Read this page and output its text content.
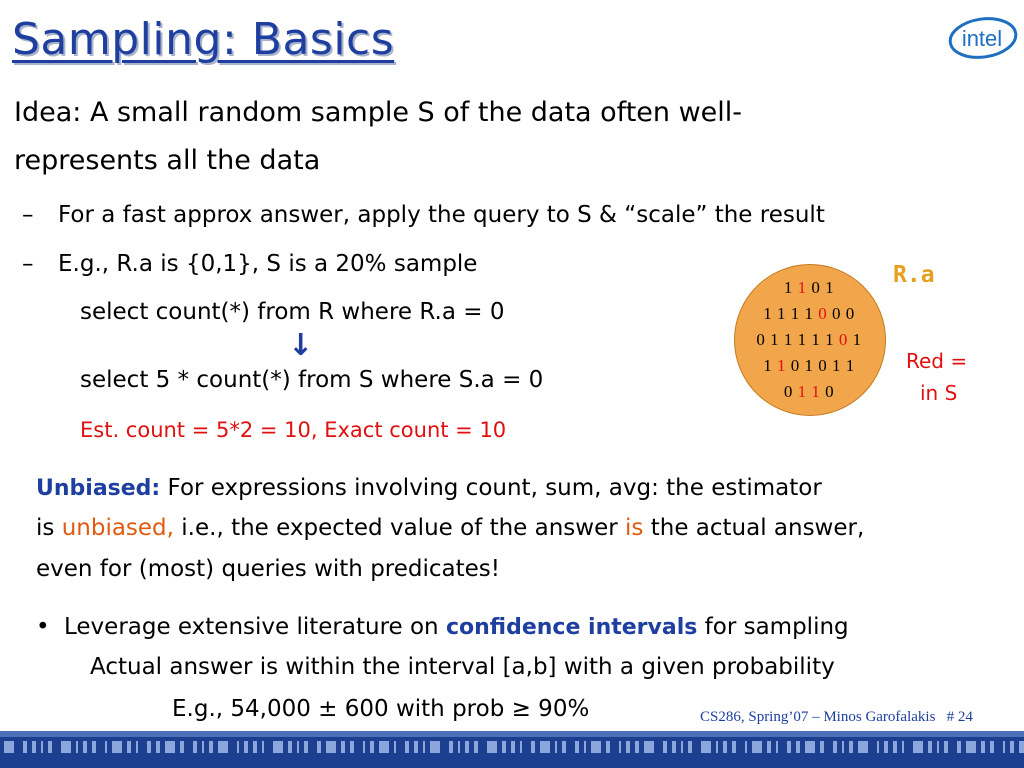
Sampling: Basics	intel
Idea: A small random sample S of the data often well-
represents all the data
– For a fast approx answer, apply the query to S & “scale” the result
– E.g., R.a is {0,1}, S is a 20% sample
select count(*) from R where R.a = 0
↓
select 5 * count(*) from S where S.a = 0
Est. count = 5*2 = 10, Exact count = 10
R.a
1 1 0 1
1 1 1 1 0 0 0
0 1 1 1 1 1 0 1
1 1 0 1 0 1 1
0 1 1 0
Red =
in S
Unbiased: For expressions involving count, sum, avg: the estimator
is unbiased, i.e., the expected value of the answer is the actual answer,
even for (most) queries with predicates!
• Leverage extensive literature on confidence intervals for sampling
Actual answer is within the interval [a,b] with a given probability
E.g., 54,000 ± 600 with prob ≥ 90%	CS286, Spring’07 – Minos Garofalakis # 24
